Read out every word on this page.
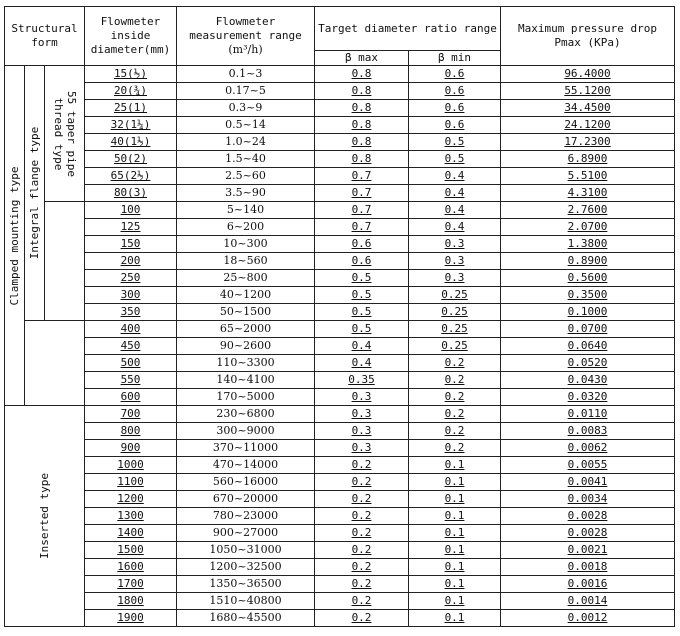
Structural form			Flowmeter inside diameter(mm)	Flowmeter measurement range
(m³/h)	Target diameter ratio range		Maximum pressure drop
Pmax (KPa)
					β max	β min	

Clamped mounting type	Integral flange type	55 taper pipe thread type	15(½)	0.1~3	0.8	0.6	96.4000
			20(¾)	0.17~5	0.8	0.6	55.1200
			25(1)	0.3~9	0.8	0.6	34.4500
			32(1¼)	0.5~14	0.8	0.6	24.1200
			40(1½)	1.0~24	0.8	0.5	17.2300
			50(2)	1.5~40	0.8	0.5	6.8900
			65(2½)	2.5~60	0.7	0.4	5.5100
			80(3)	3.5~90	0.7	0.4	4.3100
			100	5~140	0.7	0.4	2.7600
			125	6~200	0.7	0.4	2.0700
			150	10~300	0.6	0.3	1.3800
			200	18~560	0.6	0.3	0.8900
			250	25~800	0.5	0.3	0.5600
			300	40~1200	0.5	0.25	0.3500
			350	50~1500	0.5	0.25	0.1000
			400	65~2000	0.5	0.25	0.0700
			450	90~2600	0.4	0.25	0.0640
			500	110~3300	0.4	0.2	0.0520
			550	140~4100	0.35	0.2	0.0430
			600	170~5000	0.3	0.2	0.0320

Inserted type			700	230~6800	0.3	0.2	0.0110
			800	300~9000	0.3	0.2	0.0083
			900	370~11000	0.3	0.2	0.0062
			1000	470~14000	0.2	0.1	0.0055
			1100	560~16000	0.2	0.1	0.0041
			1200	670~20000	0.2	0.1	0.0034
			1300	780~23000	0.2	0.1	0.0028
			1400	900~27000	0.2	0.1	0.0028
			1500	1050~31000	0.2	0.1	0.0021
			1600	1200~32500	0.2	0.1	0.0018
			1700	1350~36500	0.2	0.1	0.0016
			1800	1510~40800	0.2	0.1	0.0014
			1900	1680~45500	0.2	0.1	0.0012
